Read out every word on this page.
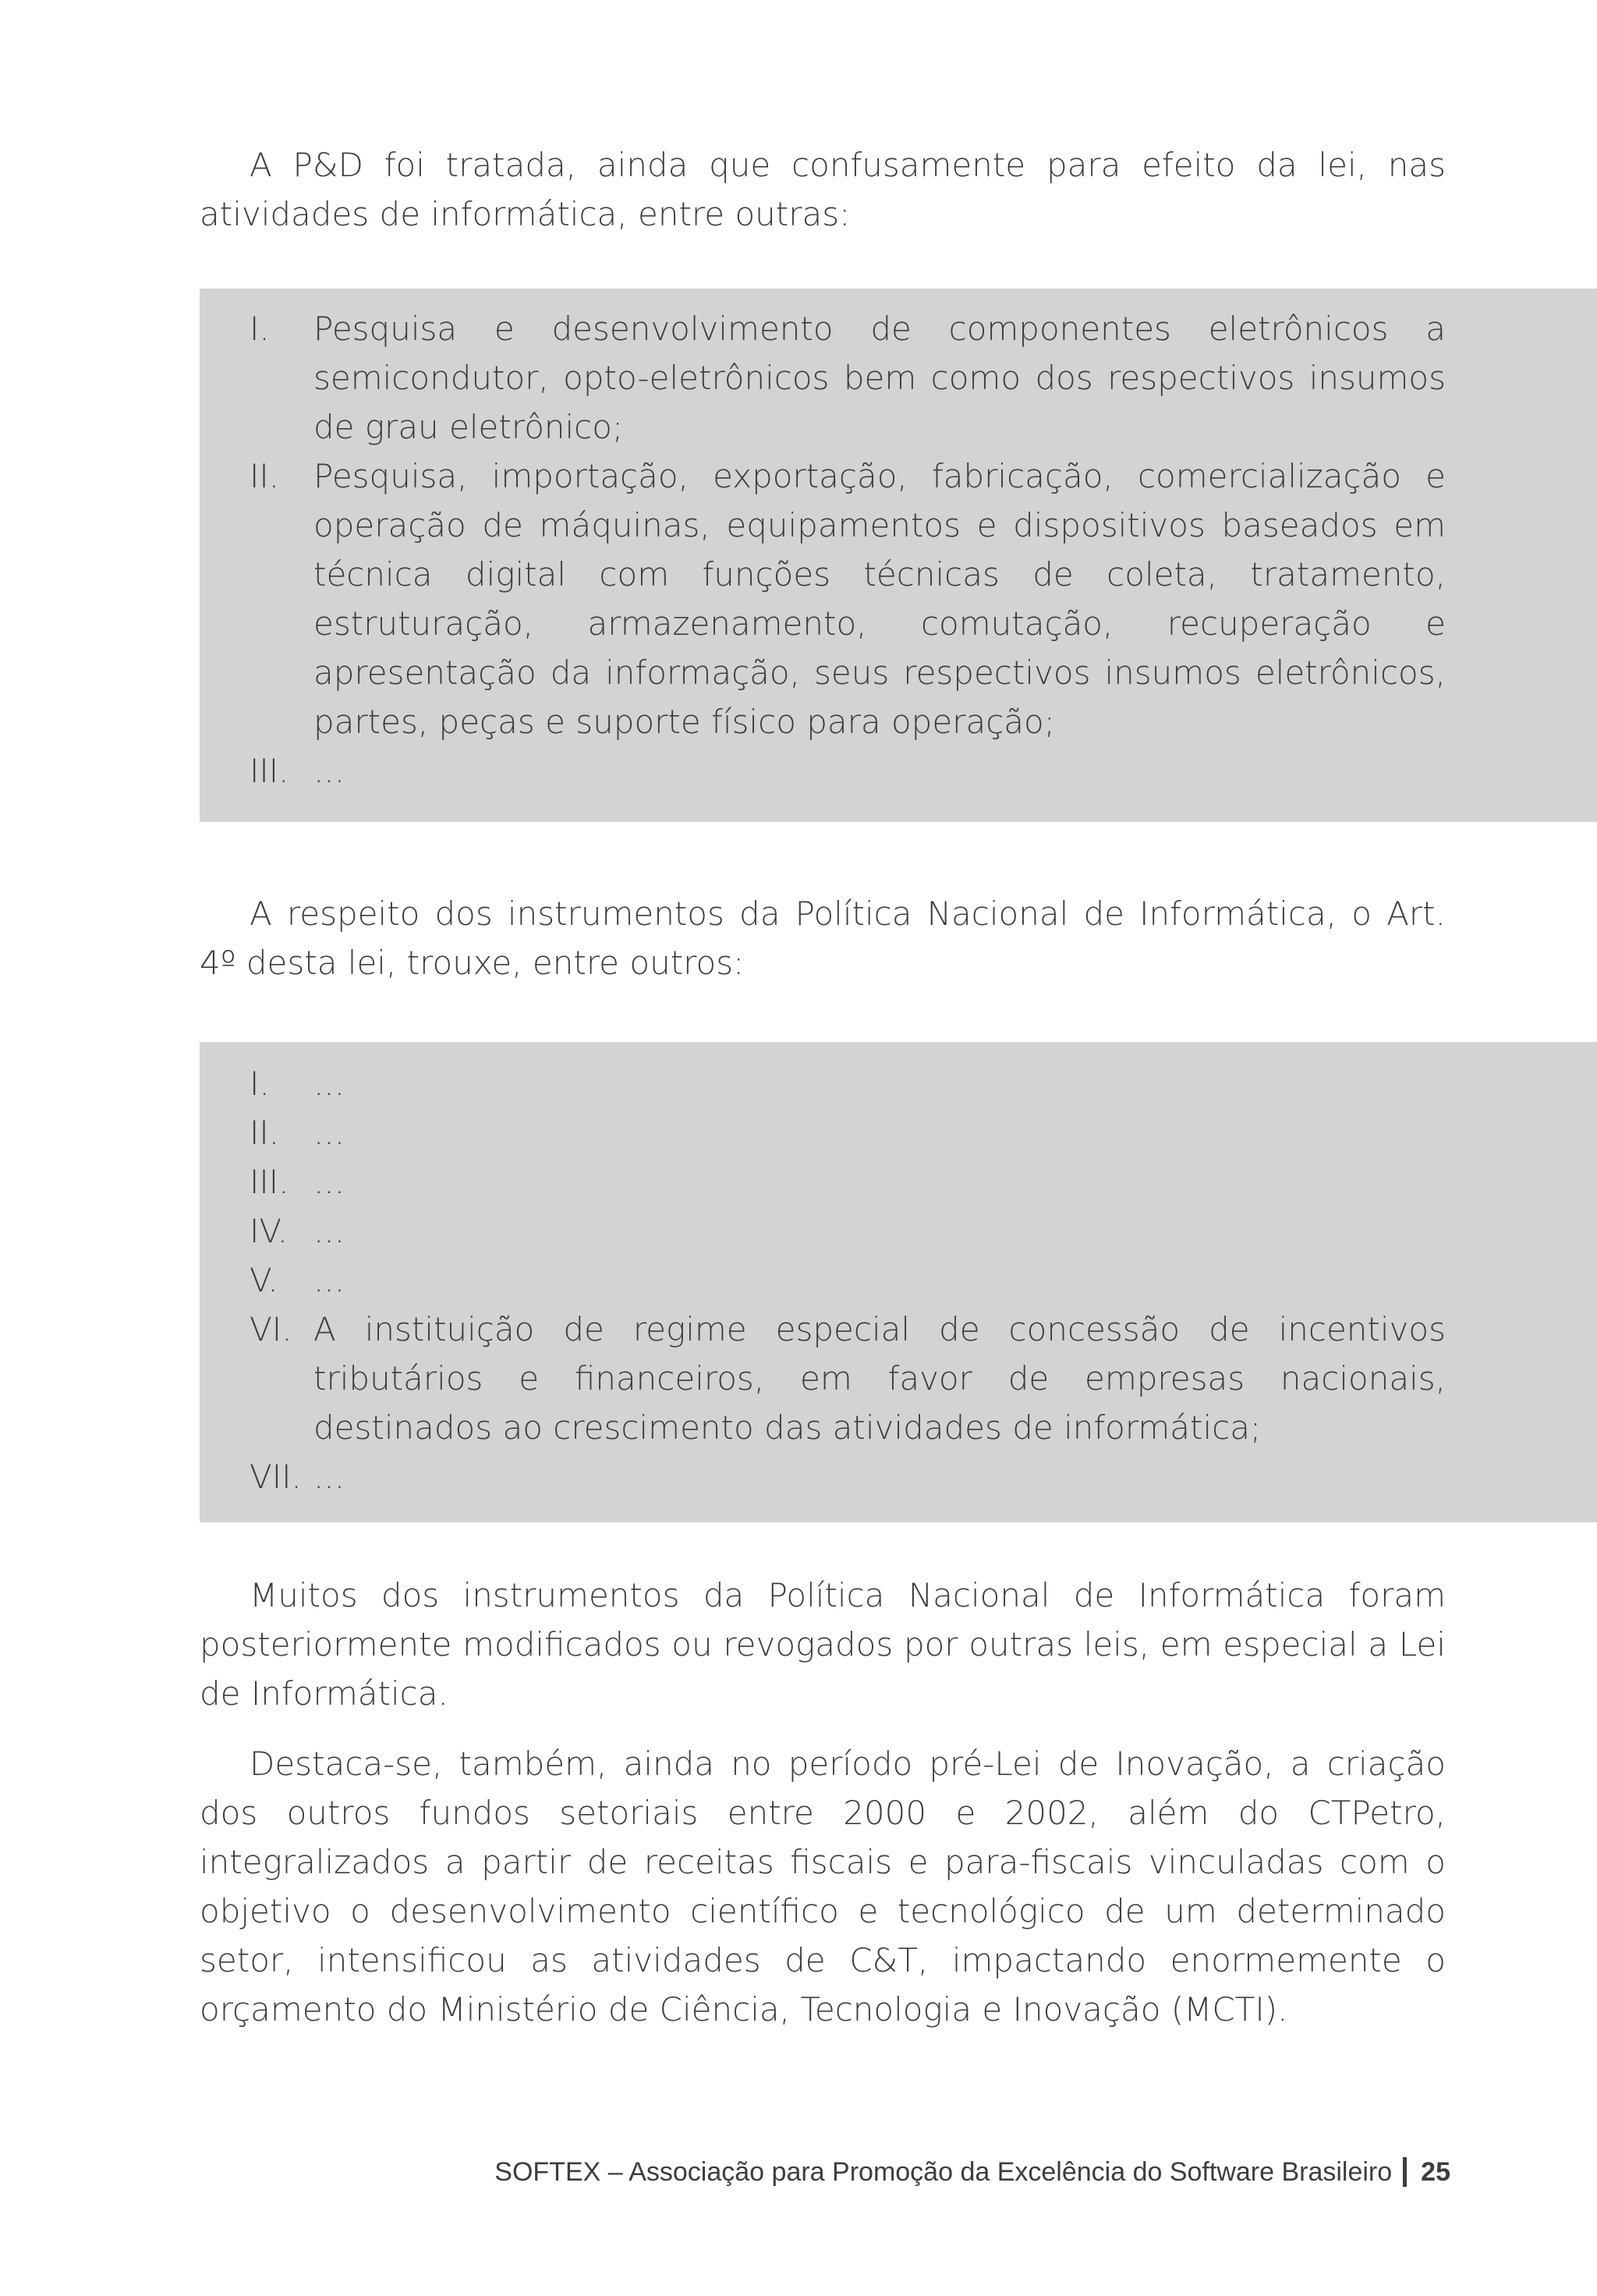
A P&D foi tratada, ainda que confusamente para efeito da lei, nas atividades de informática, entre outras:

I.	Pesquisa e desenvolvimento de componentes eletrônicos a semicondutor, opto-eletrônicos bem como dos respectivos insumos de grau eletrônico;
II.	Pesquisa, importação, exportação, fabricação, comercialização e operação de máquinas, equipamentos e dispositivos baseados em técnica digital com funções técnicas de coleta, tratamento, estruturação, armazenamento, comutação, recuperação e apresentação da informação, seus respectivos insumos eletrônicos, partes, peças e suporte físico para operação;
III. ...

A respeito dos instrumentos da Política Nacional de Informática, o Art. 4º desta lei, trouxe, entre outros:

I.	...
II.	...
III. ...
IV. ...
V.	...
VI. A instituição de regime especial de concessão de incentivos tributários e financeiros, em favor de empresas nacionais, destinados ao crescimento das atividades de informática;
VII. ...

Muitos dos instrumentos da Política Nacional de Informática foram posteriormente modificados ou revogados por outras leis, em especial a Lei de Informática.

Destaca-se, também, ainda no período pré-Lei de Inovação, a criação dos outros fundos setoriais entre 2000 e 2002, além do CTPetro, integralizados a partir de receitas fiscais e para-fiscais vinculadas com o objetivo o desenvolvimento científico e tecnológico de um determinado setor, intensificou as atividades de C&T, impactando enormemente o orçamento do Ministério de Ciência, Tecnologia e Inovação (MCTI).

SOFTEX – Associação para Promoção da Excelência do Software Brasileiro 25
